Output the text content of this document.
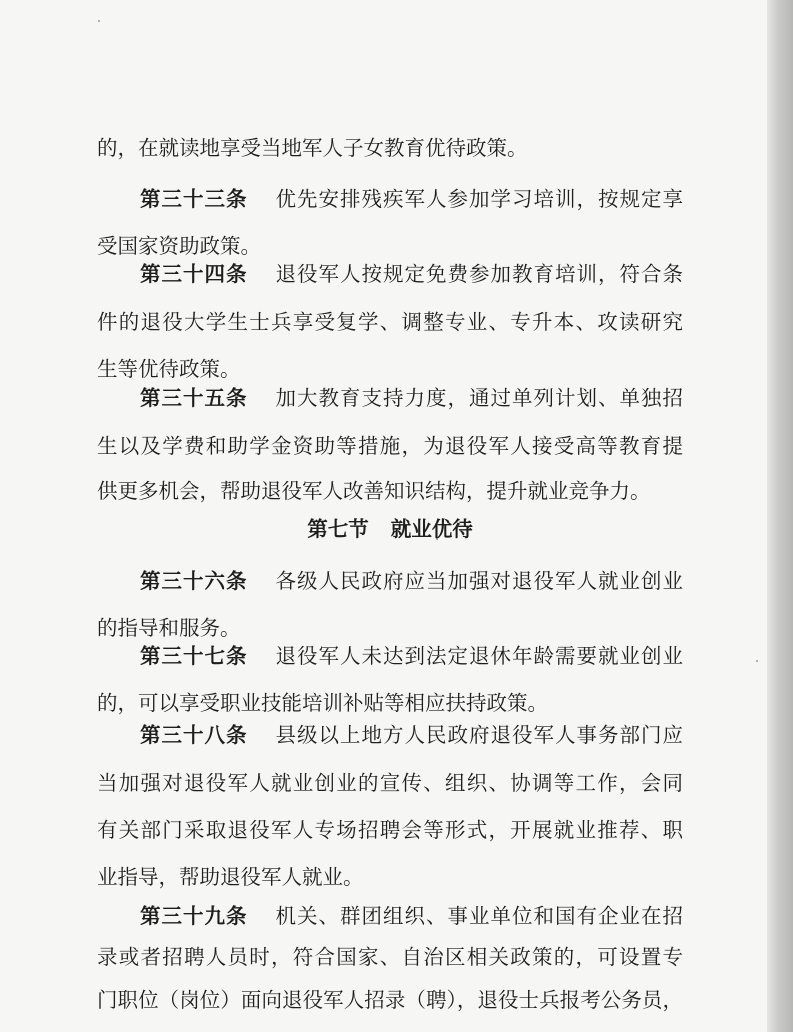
的，在就读地享受当地军人子女教育优待政策。
第三十三条 优先安排残疾军人参加学习培训，按规定享
受国家资助政策。
第三十四条 退役军人按规定免费参加教育培训，符合条
件的退役大学生士兵享受复学、调整专业、专升本、攻读研究
生等优待政策。
第三十五条 加大教育支持力度，通过单列计划、单独招
生以及学费和助学金资助等措施，为退役军人接受高等教育提
供更多机会，帮助退役军人改善知识结构，提升就业竞争力。
第七节 就业优待
第三十六条 各级人民政府应当加强对退役军人就业创业
的指导和服务。
第三十七条 退役军人未达到法定退休年龄需要就业创业
的，可以享受职业技能培训补贴等相应扶持政策。
第三十八条 县级以上地方人民政府退役军人事务部门应
当加强对退役军人就业创业的宣传、组织、协调等工作，会同
有关部门采取退役军人专场招聘会等形式，开展就业推荐、职
业指导，帮助退役军人就业。
第三十九条 机关、群团组织、事业单位和国有企业在招
录或者招聘人员时，符合国家、自治区相关政策的，可设置专
门职位（岗位）面向退役军人招录（聘），退役士兵报考公务员，
